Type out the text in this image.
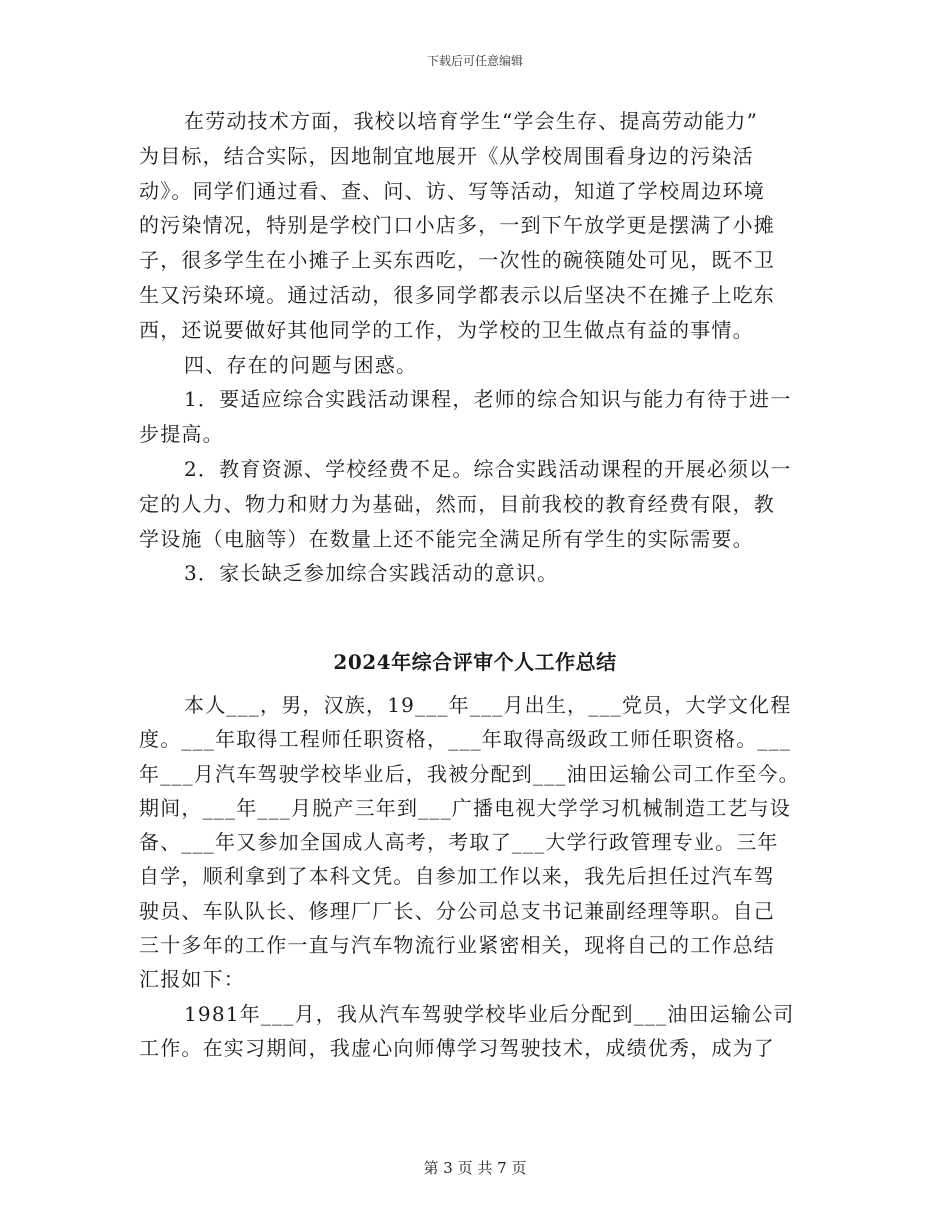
下载后可任意编辑
在劳动技术方面，我校以培育学生“学会生存、提高劳动能力”
为目标，结合实际，因地制宜地展开《从学校周围看身边的污染活
动》。同学们通过看、查、问、访、写等活动，知道了学校周边环境
的污染情况，特别是学校门口小店多，一到下午放学更是摆满了小摊
子，很多学生在小摊子上买东西吃，一次性的碗筷随处可见，既不卫
生又污染环境。通过活动，很多同学都表示以后坚决不在摊子上吃东
西，还说要做好其他同学的工作，为学校的卫生做点有益的事情。
四、存在的问题与困惑。
1．要适应综合实践活动课程，老师的综合知识与能力有待于进一
步提高。
2．教育资源、学校经费不足。综合实践活动课程的开展必须以一
定的人力、物力和财力为基础，然而，目前我校的教育经费有限，教
学设施（电脑等）在数量上还不能完全满足所有学生的实际需要。
3．家长缺乏参加综合实践活动的意识。
2024年综合评审个人工作总结
本人___，男，汉族，19___年___月出生，___党员，大学文化程
度。___年取得工程师任职资格，___年取得高级政工师任职资格。___
年___月汽车驾驶学校毕业后，我被分配到___油田运输公司工作至今。
期间，___年___月脱产三年到___广播电视大学学习机械制造工艺与设
备、___年又参加全国成人高考，考取了___大学行政管理专业。三年
自学，顺利拿到了本科文凭。自参加工作以来，我先后担任过汽车驾
驶员、车队队长、修理厂厂长、分公司总支书记兼副经理等职。自己
三十多年的工作一直与汽车物流行业紧密相关，现将自己的工作总结
汇报如下：
1981年___月，我从汽车驾驶学校毕业后分配到___油田运输公司
工作。在实习期间，我虚心向师傅学习驾驶技术，成绩优秀，成为了
第 3 页 共 7 页
